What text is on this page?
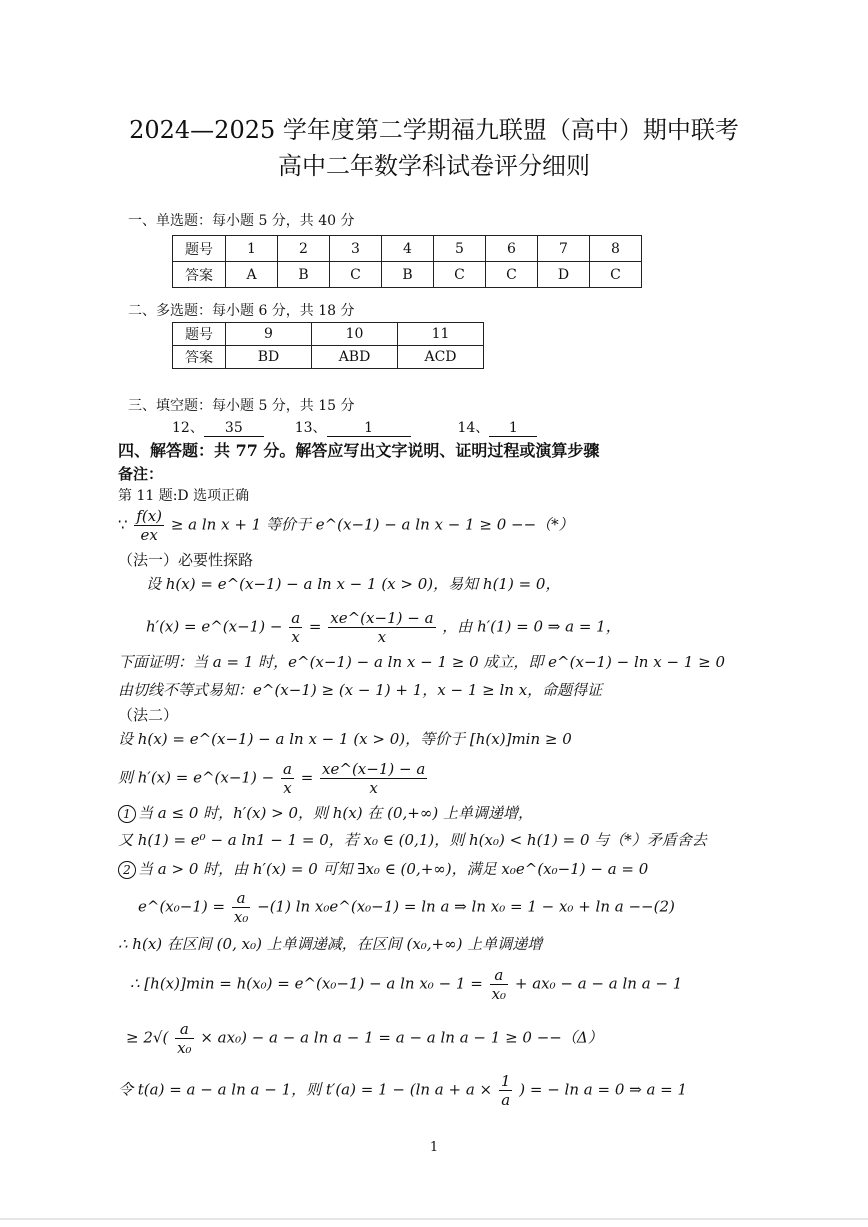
2024—2025 学年度第二学期福九联盟（高中）期中联考
高中二年数学科试卷评分细则
一、单选题：每小题 5 分，共 40 分
题号	1	2	3	4	5	6	7	8
答案	A	B	C	B	C	C	D	C
二、多选题：每小题 6 分，共 18 分
题号	9	10	11
答案	BD	ABD	ACD
三、填空题：每小题 5 分，共 15 分
12、 35	13、	1	14、 1
四、解答题：共 77 分。解答应写出文字说明、证明过程或演算步骤
备注：
第 11 题:D 选项正确
∵ $\frac{f(x)}{ex} \ge a$ ln x + 1 等价于 e^(x−1) − a ln x − 1 ≥ 0 −−（*）
（法一）必要性探路
设 h(x) = e^(x−1) − a ln x − 1 (x > 0)，易知 h(1) = 0，
h′(x) = e^(x−1) − $\frac{a}{x} = \frac{xe\^{}(x-1) - a}{x}$ ，由 h′(1) = 0 ⇒ a = 1，
下面证明：当 a = 1 时，e^(x−1) − a ln x − 1 ≥ 0 成立，即 e^(x−1) − ln x − 1 ≥ 0
由切线不等式易知：e^(x−1) ≥ (x − 1) + 1，x − 1 ≥ ln x，命题得证
（法二）
设 h(x) = e^(x−1) − a ln x − 1 (x > 0)，等价于 [h(x)]min ≥ 0
则 h′(x) = e^(x−1) − $\frac{a}{x} = \frac{xe\^{}(x-1) - a}{x}$
1 当 a ≤ 0 时，h′(x) > 0，则 h(x) 在 (0,+∞) 上单调递增，
又 h(1) = e⁰ − a ln1 − 1 = 0，若 x₀ ∈ (0,1)，则 h(x₀) < h(1) = 0 与（*）矛盾舍去
2 当 a > 0 时，由 h′(x) = 0 可知 ∃x₀ ∈ (0,+∞)，满足 x₀e^(x₀−1) − a = 0
e^(x₀−1) = $\frac{a}{\text{x₀}} -(1)$ ln x₀e^(x₀−1) = ln a ⇒ ln x₀ = 1 − x₀ + ln a −−(2)
∴ h(x) 在区间 (0, x₀) 上单调递减，在区间 (x₀,+∞) 上单调递增
∴ [h(x)]min = h(x₀) = e^(x₀−1) − a $\ln x_0 - 1 = \frac{a}{\text{x₀}} + ax_0 - a - a$ ln a − 1
≥ $2√( \frac{a}{\text{x₀}} \times ax_0) - a - a$ ln a − 1 = a − a ln a − 1 ≥ 0 −−（Δ）
令 t(a) = a − a ln a − 1，则 t′(a) = 1 − (ln $a + a \times \frac{1}{a}$ ) = − ln a = 0 ⇒ a = 1
1
